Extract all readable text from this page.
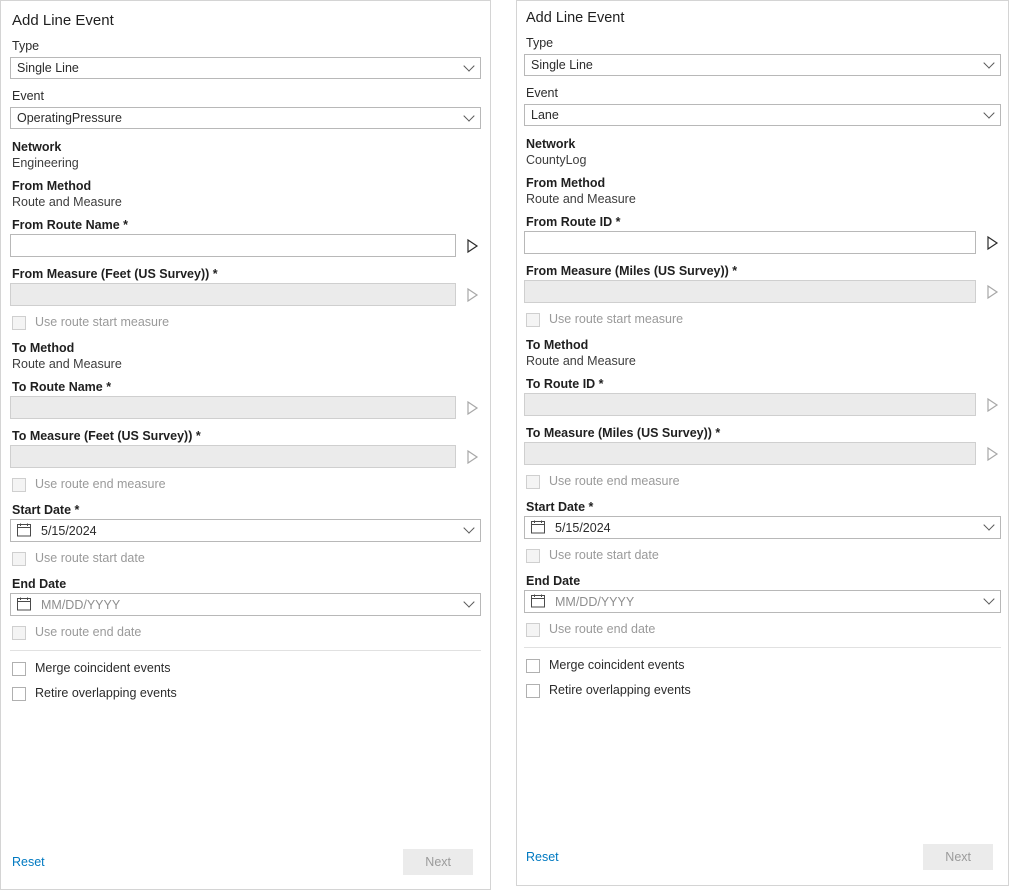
Add Line Event
Type
Single Line
Event
OperatingPressure
Network
Engineering
From Method
Route and Measure
From Route Name *
From Measure (Feet (US Survey)) *
Use route start measure
To Method
Route and Measure
To Route Name *
To Measure (Feet (US Survey)) *
Use route end measure
Start Date *
5/15/2024
Use route start date
End Date
MM/DD/YYYY
Use route end date
Merge coincident events
Retire overlapping events
Reset	Next
Add Line Event
Type
Single Line
Event
Lane
Network
CountyLog
From Method
Route and Measure
From Route ID *
From Measure (Miles (US Survey)) *
Use route start measure
To Method
Route and Measure
To Route ID *
To Measure (Miles (US Survey)) *
Use route end measure
Start Date *
5/15/2024
Use route start date
End Date
MM/DD/YYYY
Use route end date
Merge coincident events
Retire overlapping events
Reset	Next
